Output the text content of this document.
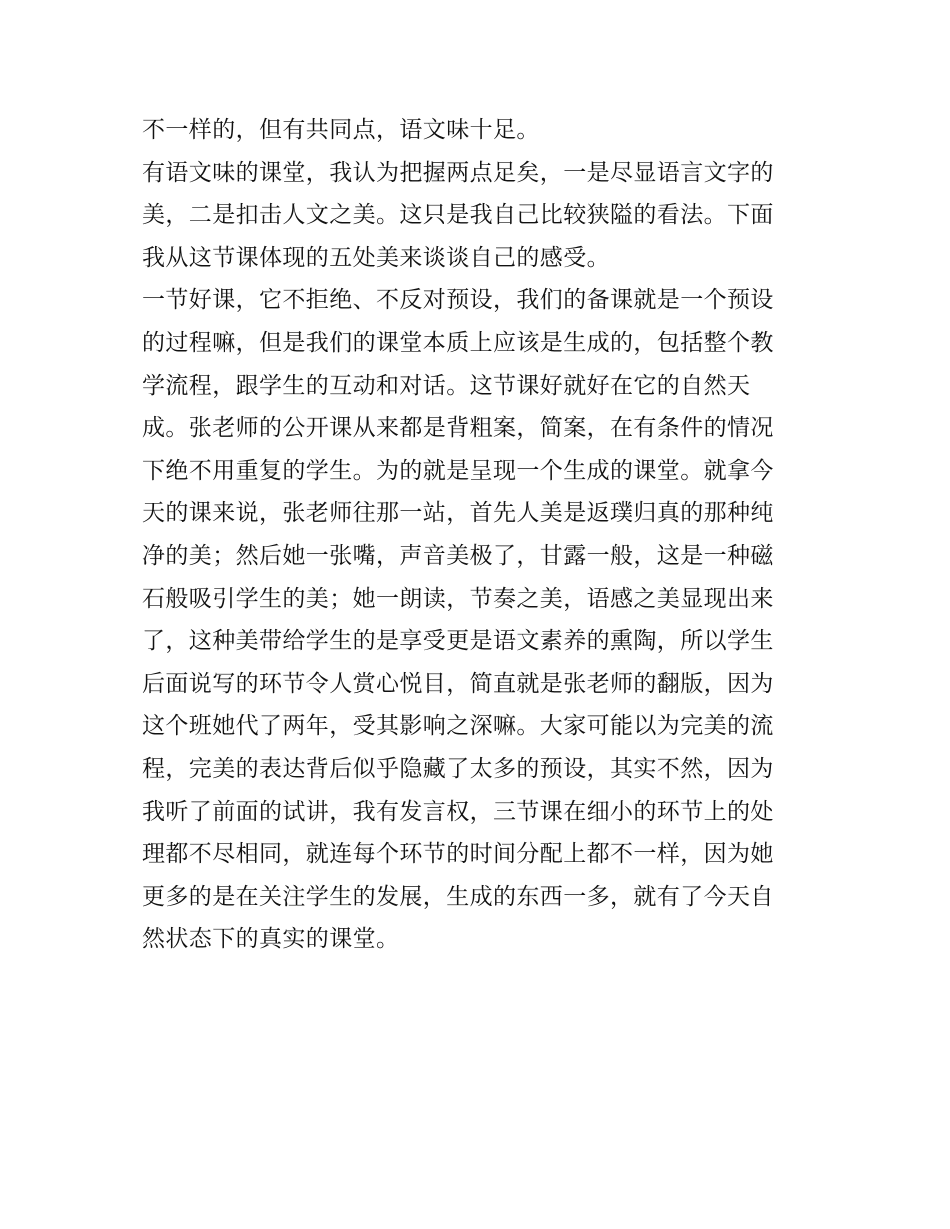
不一样的，但有共同点，语文味十足。
有语文味的课堂，我认为把握两点足矣，一是尽显语言文字的
美，二是扣击人文之美。这只是我自己比较狭隘的看法。下面
我从这节课体现的五处美来谈谈自己的感受。
一节好课，它不拒绝、不反对预设，我们的备课就是一个预设
的过程嘛，但是我们的课堂本质上应该是生成的，包括整个教
学流程，跟学生的互动和对话。这节课好就好在它的自然天
成。张老师的公开课从来都是背粗案，简案，在有条件的情况
下绝不用重复的学生。为的就是呈现一个生成的课堂。就拿今
天的课来说，张老师往那一站，首先人美是返璞归真的那种纯
净的美；然后她一张嘴，声音美极了，甘露一般，这是一种磁
石般吸引学生的美；她一朗读，节奏之美，语感之美显现出来
了，这种美带给学生的是享受更是语文素养的熏陶，所以学生
后面说写的环节令人赏心悦目，简直就是张老师的翻版，因为
这个班她代了两年，受其影响之深嘛。大家可能以为完美的流
程，完美的表达背后似乎隐藏了太多的预设，其实不然，因为
我听了前面的试讲，我有发言权，三节课在细小的环节上的处
理都不尽相同，就连每个环节的时间分配上都不一样，因为她
更多的是在关注学生的发展，生成的东西一多，就有了今天自
然状态下的真实的课堂。
